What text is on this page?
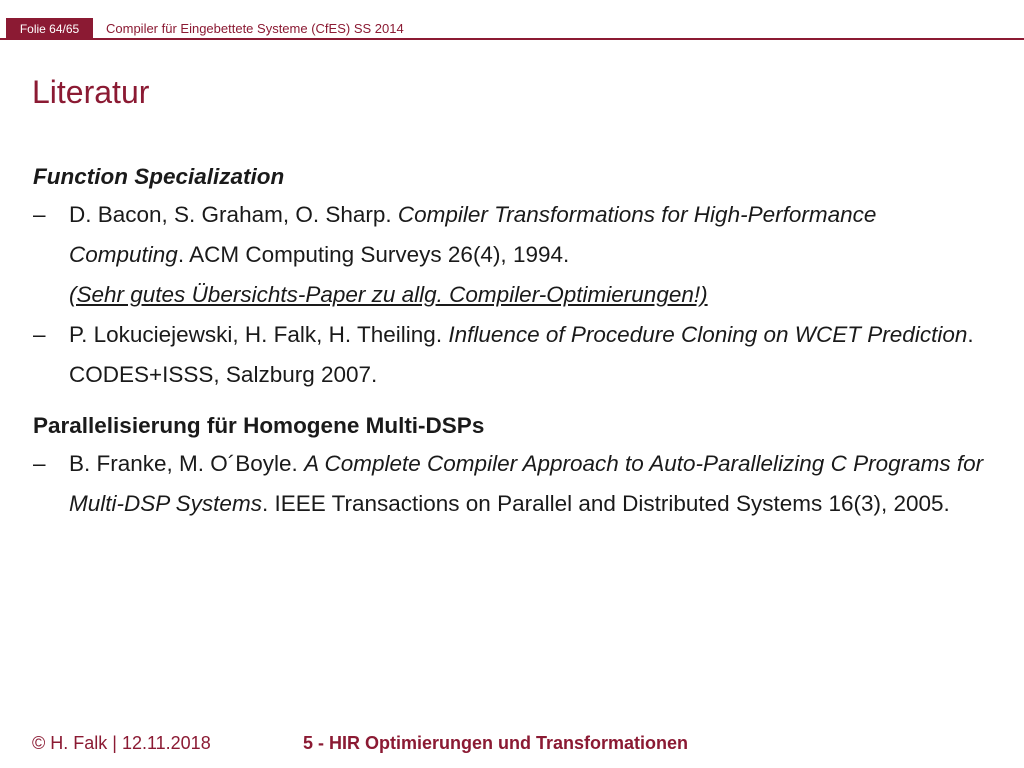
Folie 64/65	Compiler für Eingebettete Systeme (CfES) SS 2014
Literatur
Function Specialization
– D. Bacon, S. Graham, O. Sharp. Compiler Transformations for High-Performance Computing. ACM Computing Surveys 26(4), 1994.
(Sehr gutes Übersichts-Paper zu allg. Compiler-Optimierungen!)
– P. Lokuciejewski, H. Falk, H. Theiling. Influence of Procedure Cloning on WCET Prediction. CODES+ISSS, Salzburg 2007.
Parallelisierung für Homogene Multi-DSPs
– B. Franke, M. O´Boyle. A Complete Compiler Approach to Auto-Parallelizing C Programs for Multi-DSP Systems. IEEE Transactions on Parallel and Distributed Systems 16(3), 2005.
© H. Falk | 12.11.2018	5 - HIR Optimierungen und Transformationen
